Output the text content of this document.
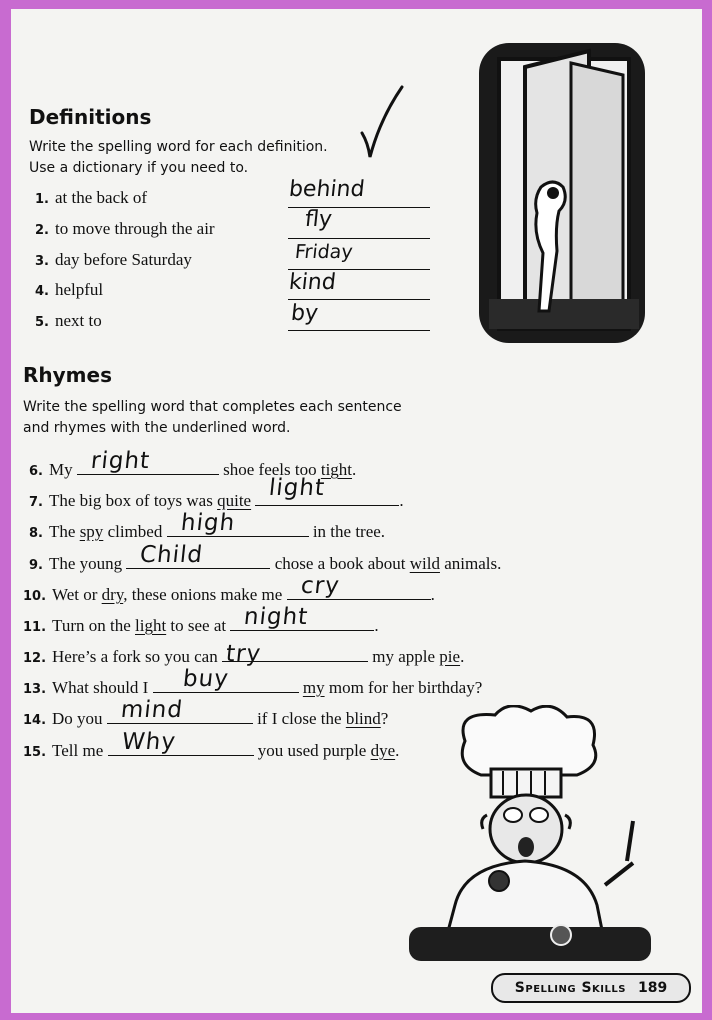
Definitions
Write the spelling word for each definition.
Use a dictionary if you need to.
1. at the back of	behind
2. to move through the air	fly
3. day before Saturday	Friday
4. helpful	kind
5. next to	by
Rhymes
Write the spelling word that completes each sentence
and rhymes with the underlined word.
6. My right	shoe feels too tight.
7. The big box of toys was quite light	.
8. The spy climbed high	in the tree.
9. The young Child	chose a book about wild animals.
10. Wet or dry, these onions make me cry	.
11. Turn on the light to see at night	.
12. Here’s a fork so you can try	my apple pie.
13. What should I buy	my mom for her birthday?
14. Do you mind	if I close the blind?
15. Tell me Why	you used purple dye.
Spelling Skills 189
